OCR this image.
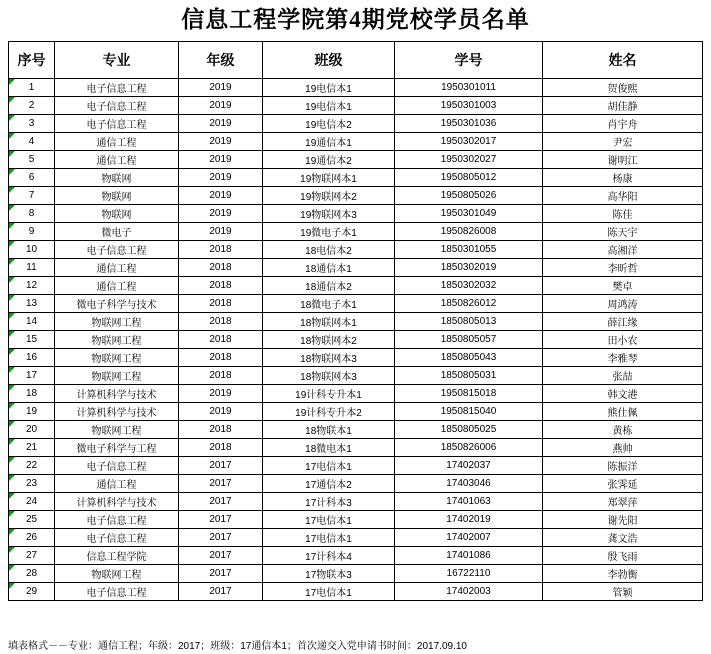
信息工程学院第4期党校学员名单
序号	专业	年级	班级	学号	姓名

1	电子信息工程	2019	19电信本1	1950301011	贺俊熙

2	电子信息工程	2019	19电信本1	1950301003	胡佳静

3	电子信息工程	2019	19电信本2	1950301036	肖宇舟

4	通信工程	2019	19通信本1	1950302017	尹宏

5	通信工程	2019	19通信本2	1950302027	谢明江

6	物联网	2019	19物联网本1	1950805012	杨康

7	物联网	2019	19物联网本2	1950805026	高华阳

8	物联网	2019	19物联网本3	1950301049	陈佳

9	微电子	2019	19微电子本1	1950826008	陈天宇

10	电子信息工程	2018	18电信本2	1850301055	高湘洋

11	通信工程	2018	18通信本1	1850302019	李昕哲

12	通信工程	2018	18通信本2	1850302032	樊卓

13	微电子科学与技术	2018	18微电子本1	1850826012	周鸿涛

14	物联网工程	2018	18物联网本1	1850805013	薛江缘

15	物联网工程	2018	18物联网本2	1850805057	田小农

16	物联网工程	2018	18物联网本3	1850805043	李雅琴

17	物联网工程	2018	18物联网本3	1850805031	张喆

18	计算机科学与技术	2019	19计科专升本1	1950815018	韩文港

19	计算机科学与技术	2019	19计科专升本2	1950815040	熊仕佩

20	物联网工程	2018	18物联本1	1850805025	黄栋

21	微电子科学与工程	2018	18微电本1	1850826006	燕帅

22	电子信息工程	2017	17电信本1	17402037	陈振洋

23	通信工程	2017	17通信本2	17403046	张霁延

24	计算机科学与技术	2017	17计科本3	17401063	郑翠萍

25	电子信息工程	2017	17电信本1	17402019	谢先阳

26	电子信息工程	2017	17电信本1	17402007	龚文浩

27	信息工程学院	2017	17计科本4	17401086	殷飞雨

28	物联网工程	2017	17物联本3	16722110	李勃衡

29	电子信息工程	2017	17电信本1	17402003	管颖
填表格式－－专业：通信工程；年级：2017；班级：17通信本1；首次递交入党申请书时间：2017.09.10
